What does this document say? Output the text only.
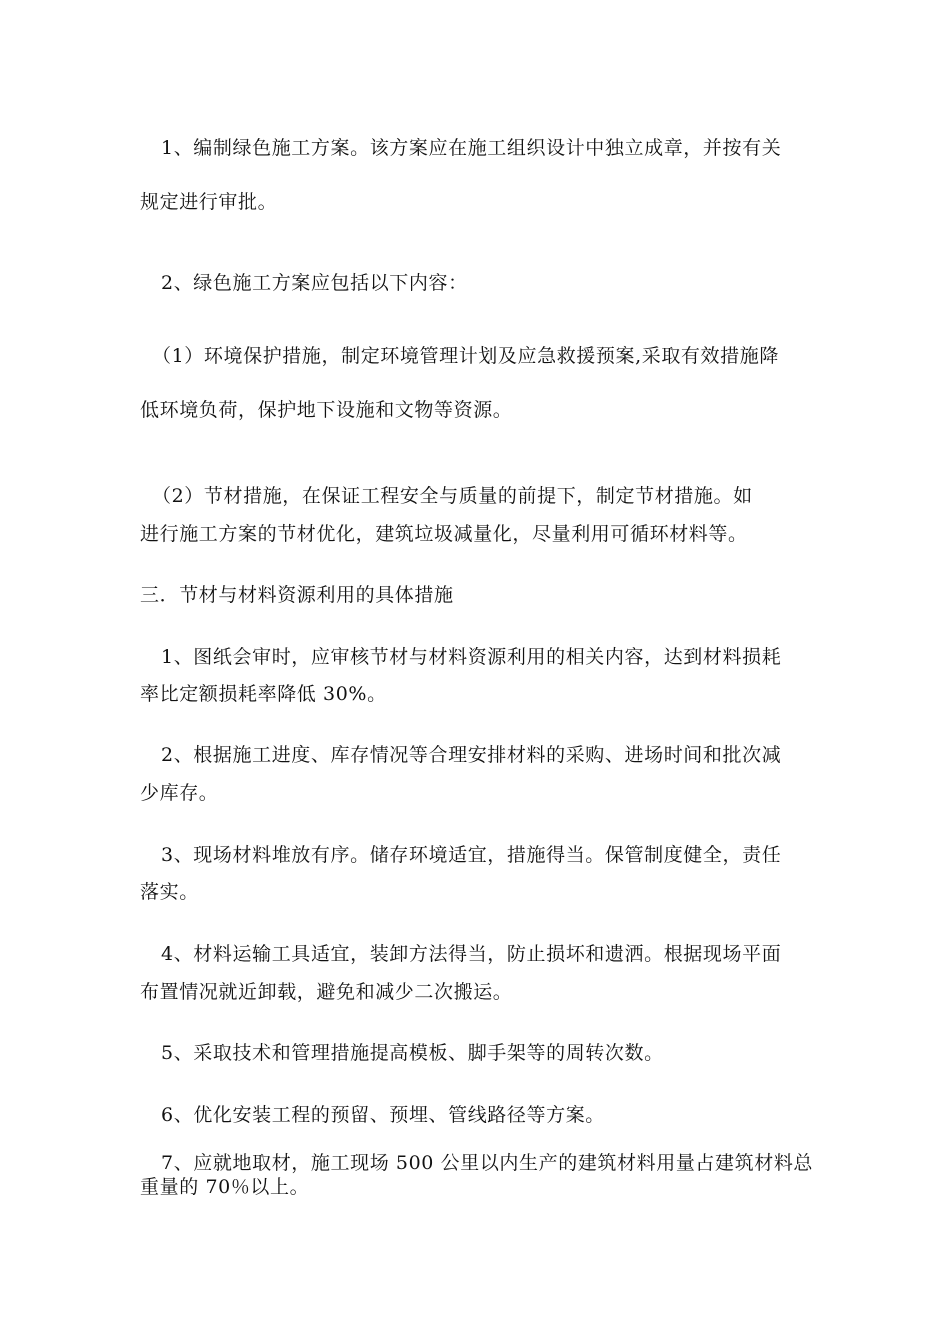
1、编制绿色施工方案。该方案应在施工组织设计中独立成章，并按有关

规定进行审批。

2、绿色施工方案应包括以下内容：

（1）环境保护措施，制定环境管理计划及应急救援预案,采取有效措施降

低环境负荷，保护地下设施和文物等资源。

（2）节材措施，在保证工程安全与质量的前提下，制定节材措施。如

进行施工方案的节材优化，建筑垃圾减量化，尽量利用可循环材料等。

三．节材与材料资源利用的具体措施

1、图纸会审时，应审核节材与材料资源利用的相关内容，达到材料损耗

率比定额损耗率降低 30%。

2、根据施工进度、库存情况等合理安排材料的采购、进场时间和批次减

少库存。

3、现场材料堆放有序。储存环境适宜，措施得当。保管制度健全，责任

落实。

4、材料运输工具适宜，装卸方法得当，防止损坏和遗洒。根据现场平面

布置情况就近卸载，避免和减少二次搬运。

5、采取技术和管理措施提高模板、脚手架等的周转次数。

6、优化安装工程的预留、预埋、管线路径等方案。

7、应就地取材，施工现场 500 公里以内生产的建筑材料用量占建筑材料总

重量的 70％以上。
